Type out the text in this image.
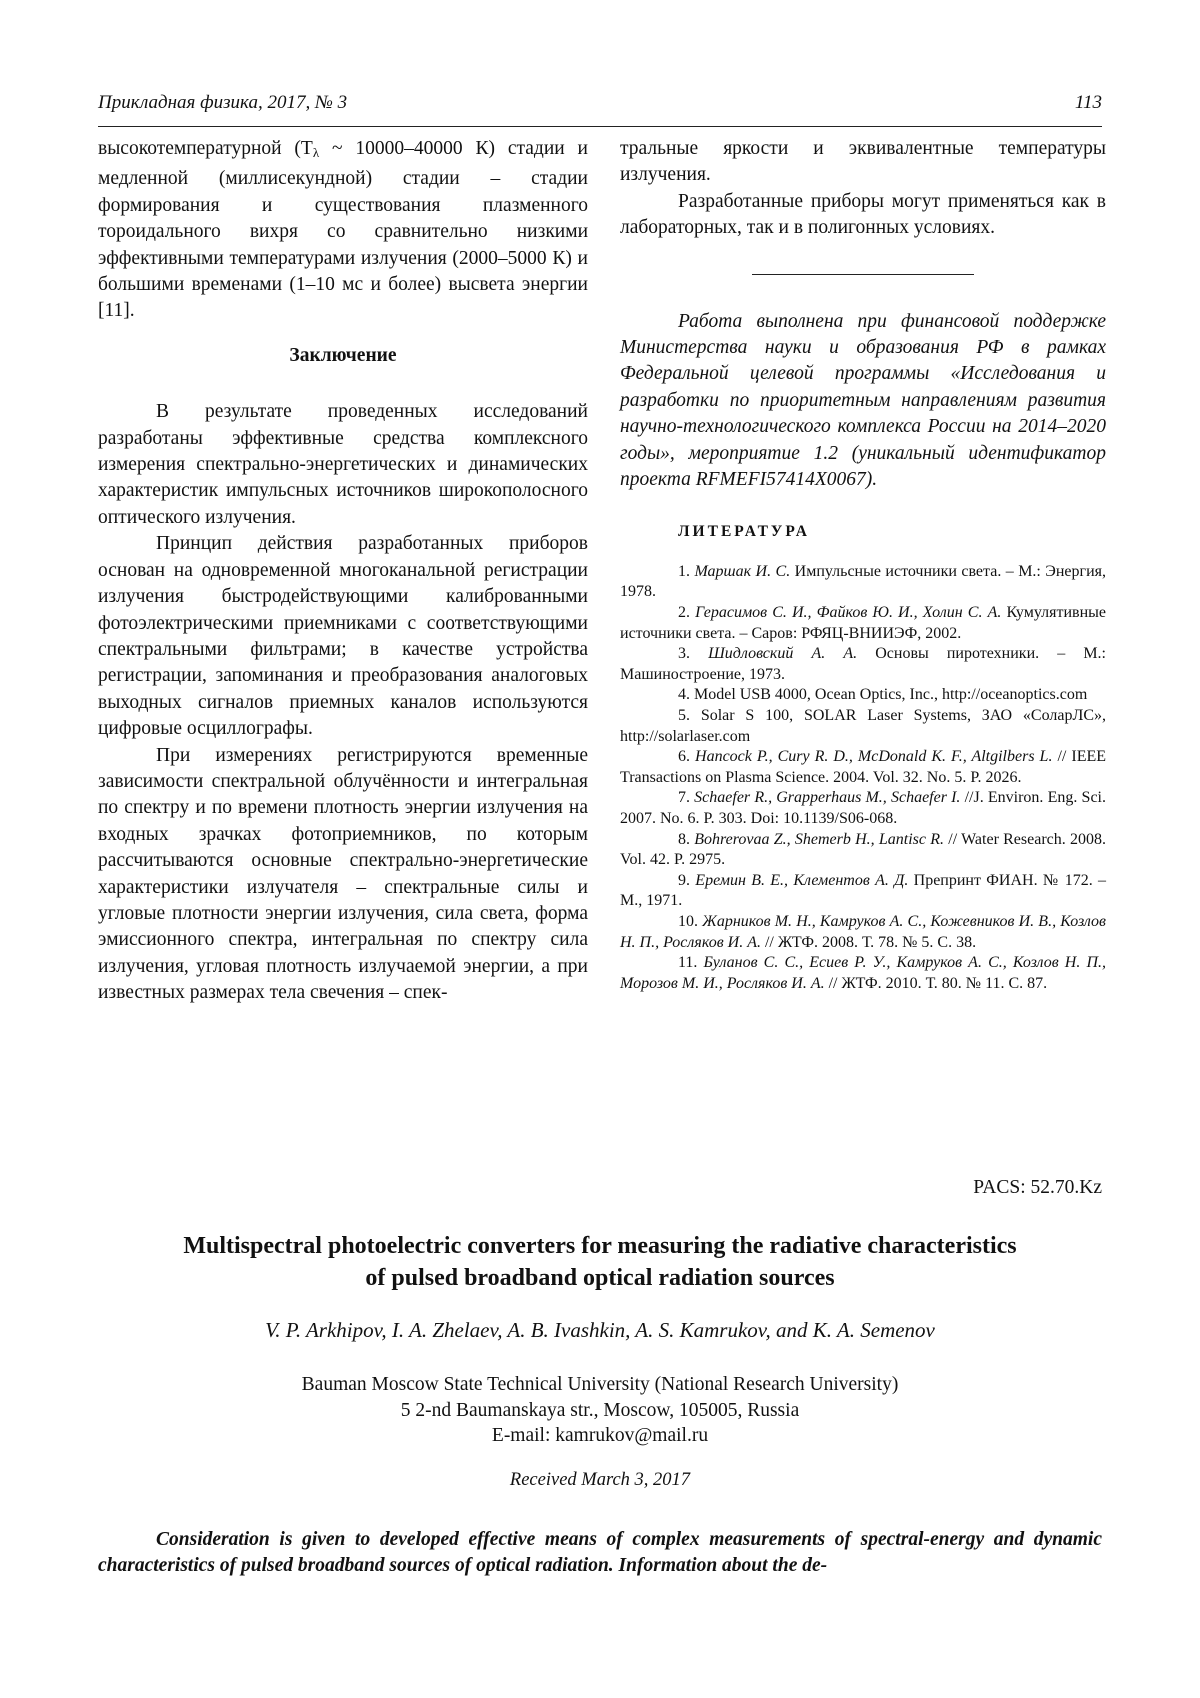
Прикладная физика, 2017, № 3	113

высокотемпературной ($T_\lambda$ ~ 10000–40000 К) стадии и медленной (миллисекундной) стадии – стадии формирования и существования плазменного тороидального вихря со сравнительно низкими эффективными температурами излучения (2000–5000 К) и большими временами (1–10 мс и более) высвета энергии [11].

Заключение

В результате проведенных исследований разработаны эффективные средства комплексного измерения спектрально-энергетических и динамических характеристик импульсных источников широкополосного оптического излучения.

Принцип действия разработанных приборов основан на одновременной многоканальной регистрации излучения быстродействующими калиброванными фотоэлектрическими приемниками с соответствующими спектральными фильтрами; в качестве устройства регистрации, запоминания и преобразования аналоговых выходных сигналов приемных каналов используются цифровые осциллографы.

При измерениях регистрируются временные зависимости спектральной облучённости и интегральная по спектру и по времени плотность энергии излучения на входных зрачках фотоприемников, по которым рассчитываются основные спектрально-энергетические характеристики излучателя – спектральные силы и угловые плотности энергии излучения, сила света, форма эмиссионного спектра, интегральная по спектру сила излучения, угловая плотность излучаемой энергии, а при известных размерах тела свечения – спек-

тральные яркости и эквивалентные температуры излучения.

Разработанные приборы могут применяться как в лабораторных, так и в полигонных условиях.

Работа выполнена при финансовой поддержке Министерства науки и образования РФ в рамках Федеральной целевой программы «Исследования и разработки по приоритетным направлениям развития научно-технологического комплекса России на 2014–2020 годы», мероприятие 1.2 (уникальный идентификатор проекта RFMEFI57414X0067).

ЛИТЕРАТУРА

1. Маршак И. С. Импульсные источники света. – М.: Энергия, 1978.

2. Герасимов С. И., Файков Ю. И., Холин С. А. Кумулятивные источники света. – Саров: РФЯЦ-ВНИИЭФ, 2002.

3. Шидловский А. А. Основы пиротехники. – М.: Машиностроение, 1973.

4. Model USB 4000, Ocean Optics, Inc., http://oceanoptics.com

5. Solar S 100, SOLAR Laser Systems, ЗАО «СоларЛС», http://solarlaser.com

6. Hancock P., Cury R. D., McDonald K. F., Altgilbers L. // IEEE Transactions on Plasma Science. 2004. Vol. 32. No. 5. P. 2026.

7. Schaefer R., Grapperhaus M., Schaefer I. //J. Environ. Eng. Sci. 2007. No. 6. P. 303. Doi: 10.1139/S06-068.

8. Bohrerovaa Z., Shemerb H., Lantisc R. // Water Research. 2008. Vol. 42. P. 2975.

9. Еремин В. Е., Клементов А. Д. Препринт ФИАН. № 172. – М., 1971.

10. Жарников М. Н., Камруков А. С., Кожевников И. В., Козлов Н. П., Росляков И. А. // ЖТФ. 2008. Т. 78. № 5. С. 38.

11. Буланов С. С., Есиев Р. У., Камруков А. С., Козлов Н. П., Морозов М. И., Росляков И. А. // ЖТФ. 2010. Т. 80. № 11. С. 87.

PACS: 52.70.Kz
Multispectral photoelectric converters for measuring the radiative characteristics
of pulsed broadband optical radiation sources
V. P. Arkhipov, I. A. Zhelaev, A. B. Ivashkin, A. S. Kamrukov, and K. A. Semenov
Bauman Moscow State Technical University (National Research University)
5 2-nd Baumanskaya str., Moscow, 105005, Russia
E-mail: kamrukov@mail.ru
Received March 3, 2017
Consideration is given to developed effective means of complex measurements of spectral-energy and dynamic characteristics of pulsed broadband sources of optical radiation. Information about the de-
